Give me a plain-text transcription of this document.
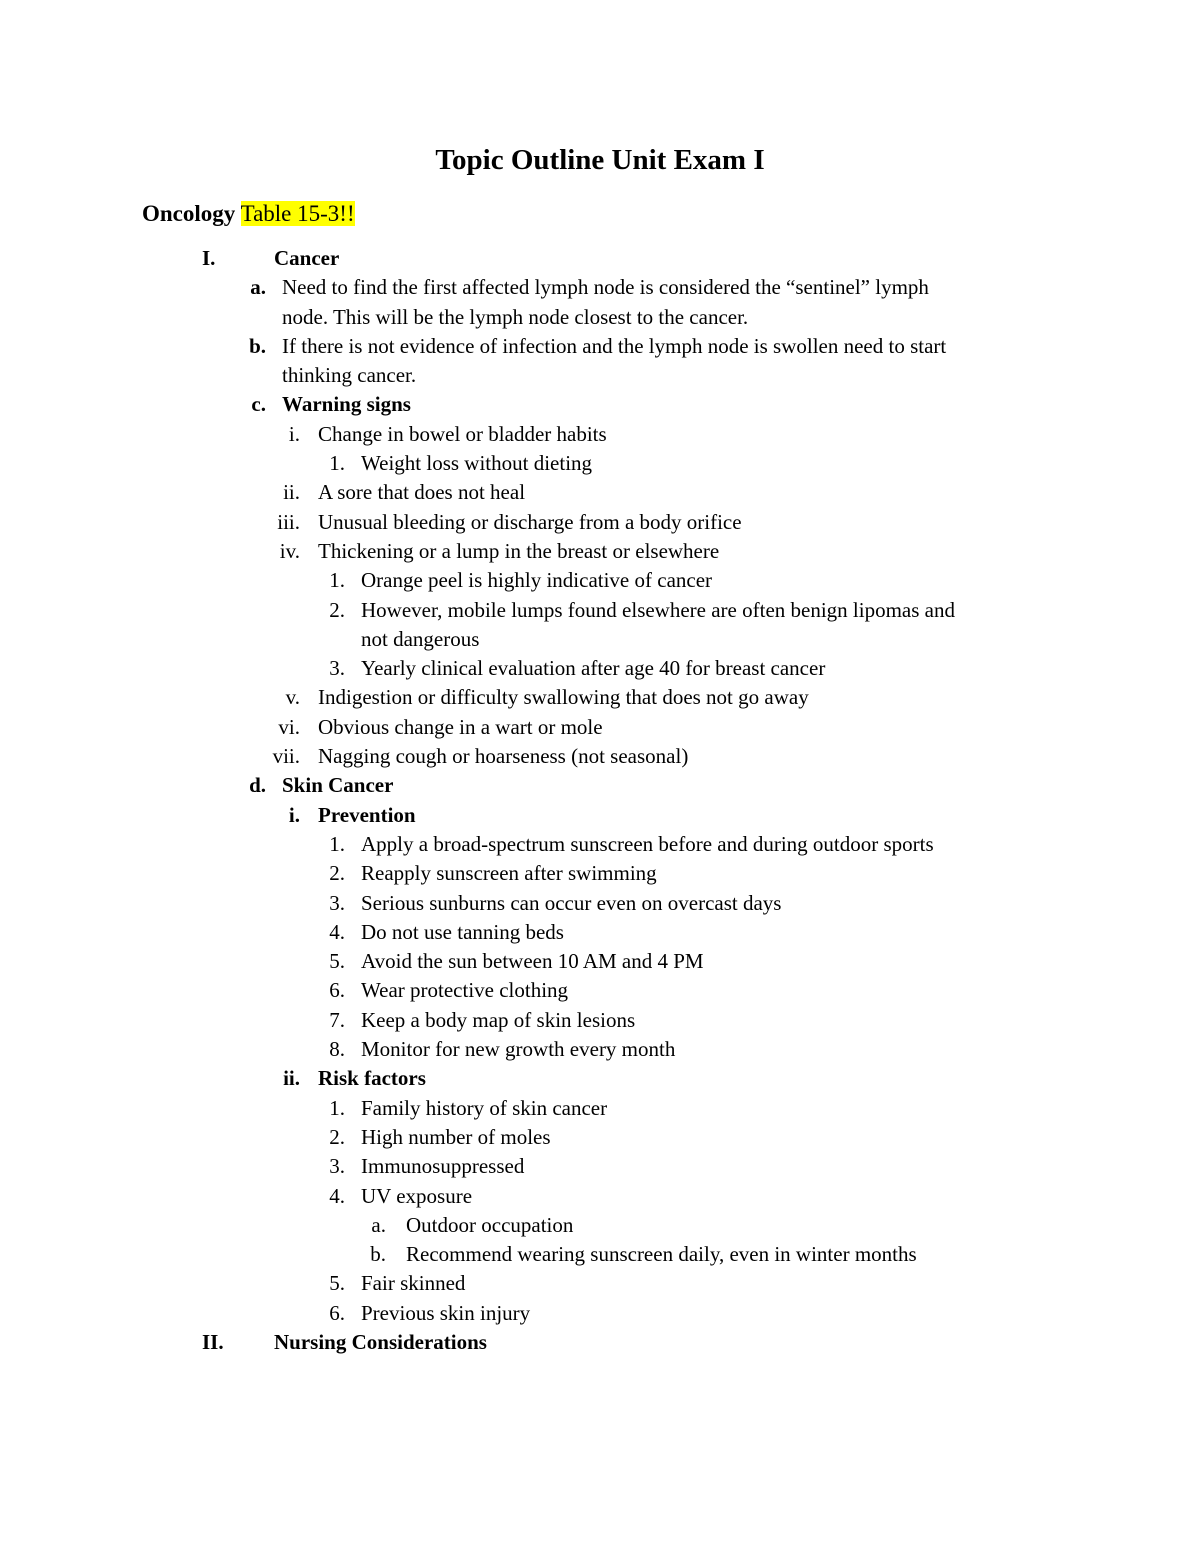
Topic Outline Unit Exam I
Oncology Table 15-3!!
I.	Cancer
a. Need to find the first affected lymph node is considered the “sentinel” lymph
node. This will be the lymph node closest to the cancer.
b. If there is not evidence of infection and the lymph node is swollen need to start
thinking cancer.
c. Warning signs
i. Change in bowel or bladder habits
1. Weight loss without dieting
ii. A sore that does not heal
iii. Unusual bleeding or discharge from a body orifice
iv. Thickening or a lump in the breast or elsewhere
1. Orange peel is highly indicative of cancer
2. However, mobile lumps found elsewhere are often benign lipomas and
not dangerous
3. Yearly clinical evaluation after age 40 for breast cancer
v. Indigestion or difficulty swallowing that does not go away
vi. Obvious change in a wart or mole
vii. Nagging cough or hoarseness (not seasonal)
d. Skin Cancer
i. Prevention
1. Apply a broad-spectrum sunscreen before and during outdoor sports
2. Reapply sunscreen after swimming
3. Serious sunburns can occur even on overcast days
4. Do not use tanning beds
5. Avoid the sun between 10 AM and 4 PM
6. Wear protective clothing
7. Keep a body map of skin lesions
8. Monitor for new growth every month
ii. Risk factors
1. Family history of skin cancer
2. High number of moles
3. Immunosuppressed
4. UV exposure
a. Outdoor occupation
b. Recommend wearing sunscreen daily, even in winter months
5. Fair skinned
6. Previous skin injury
II. Nursing Considerations
